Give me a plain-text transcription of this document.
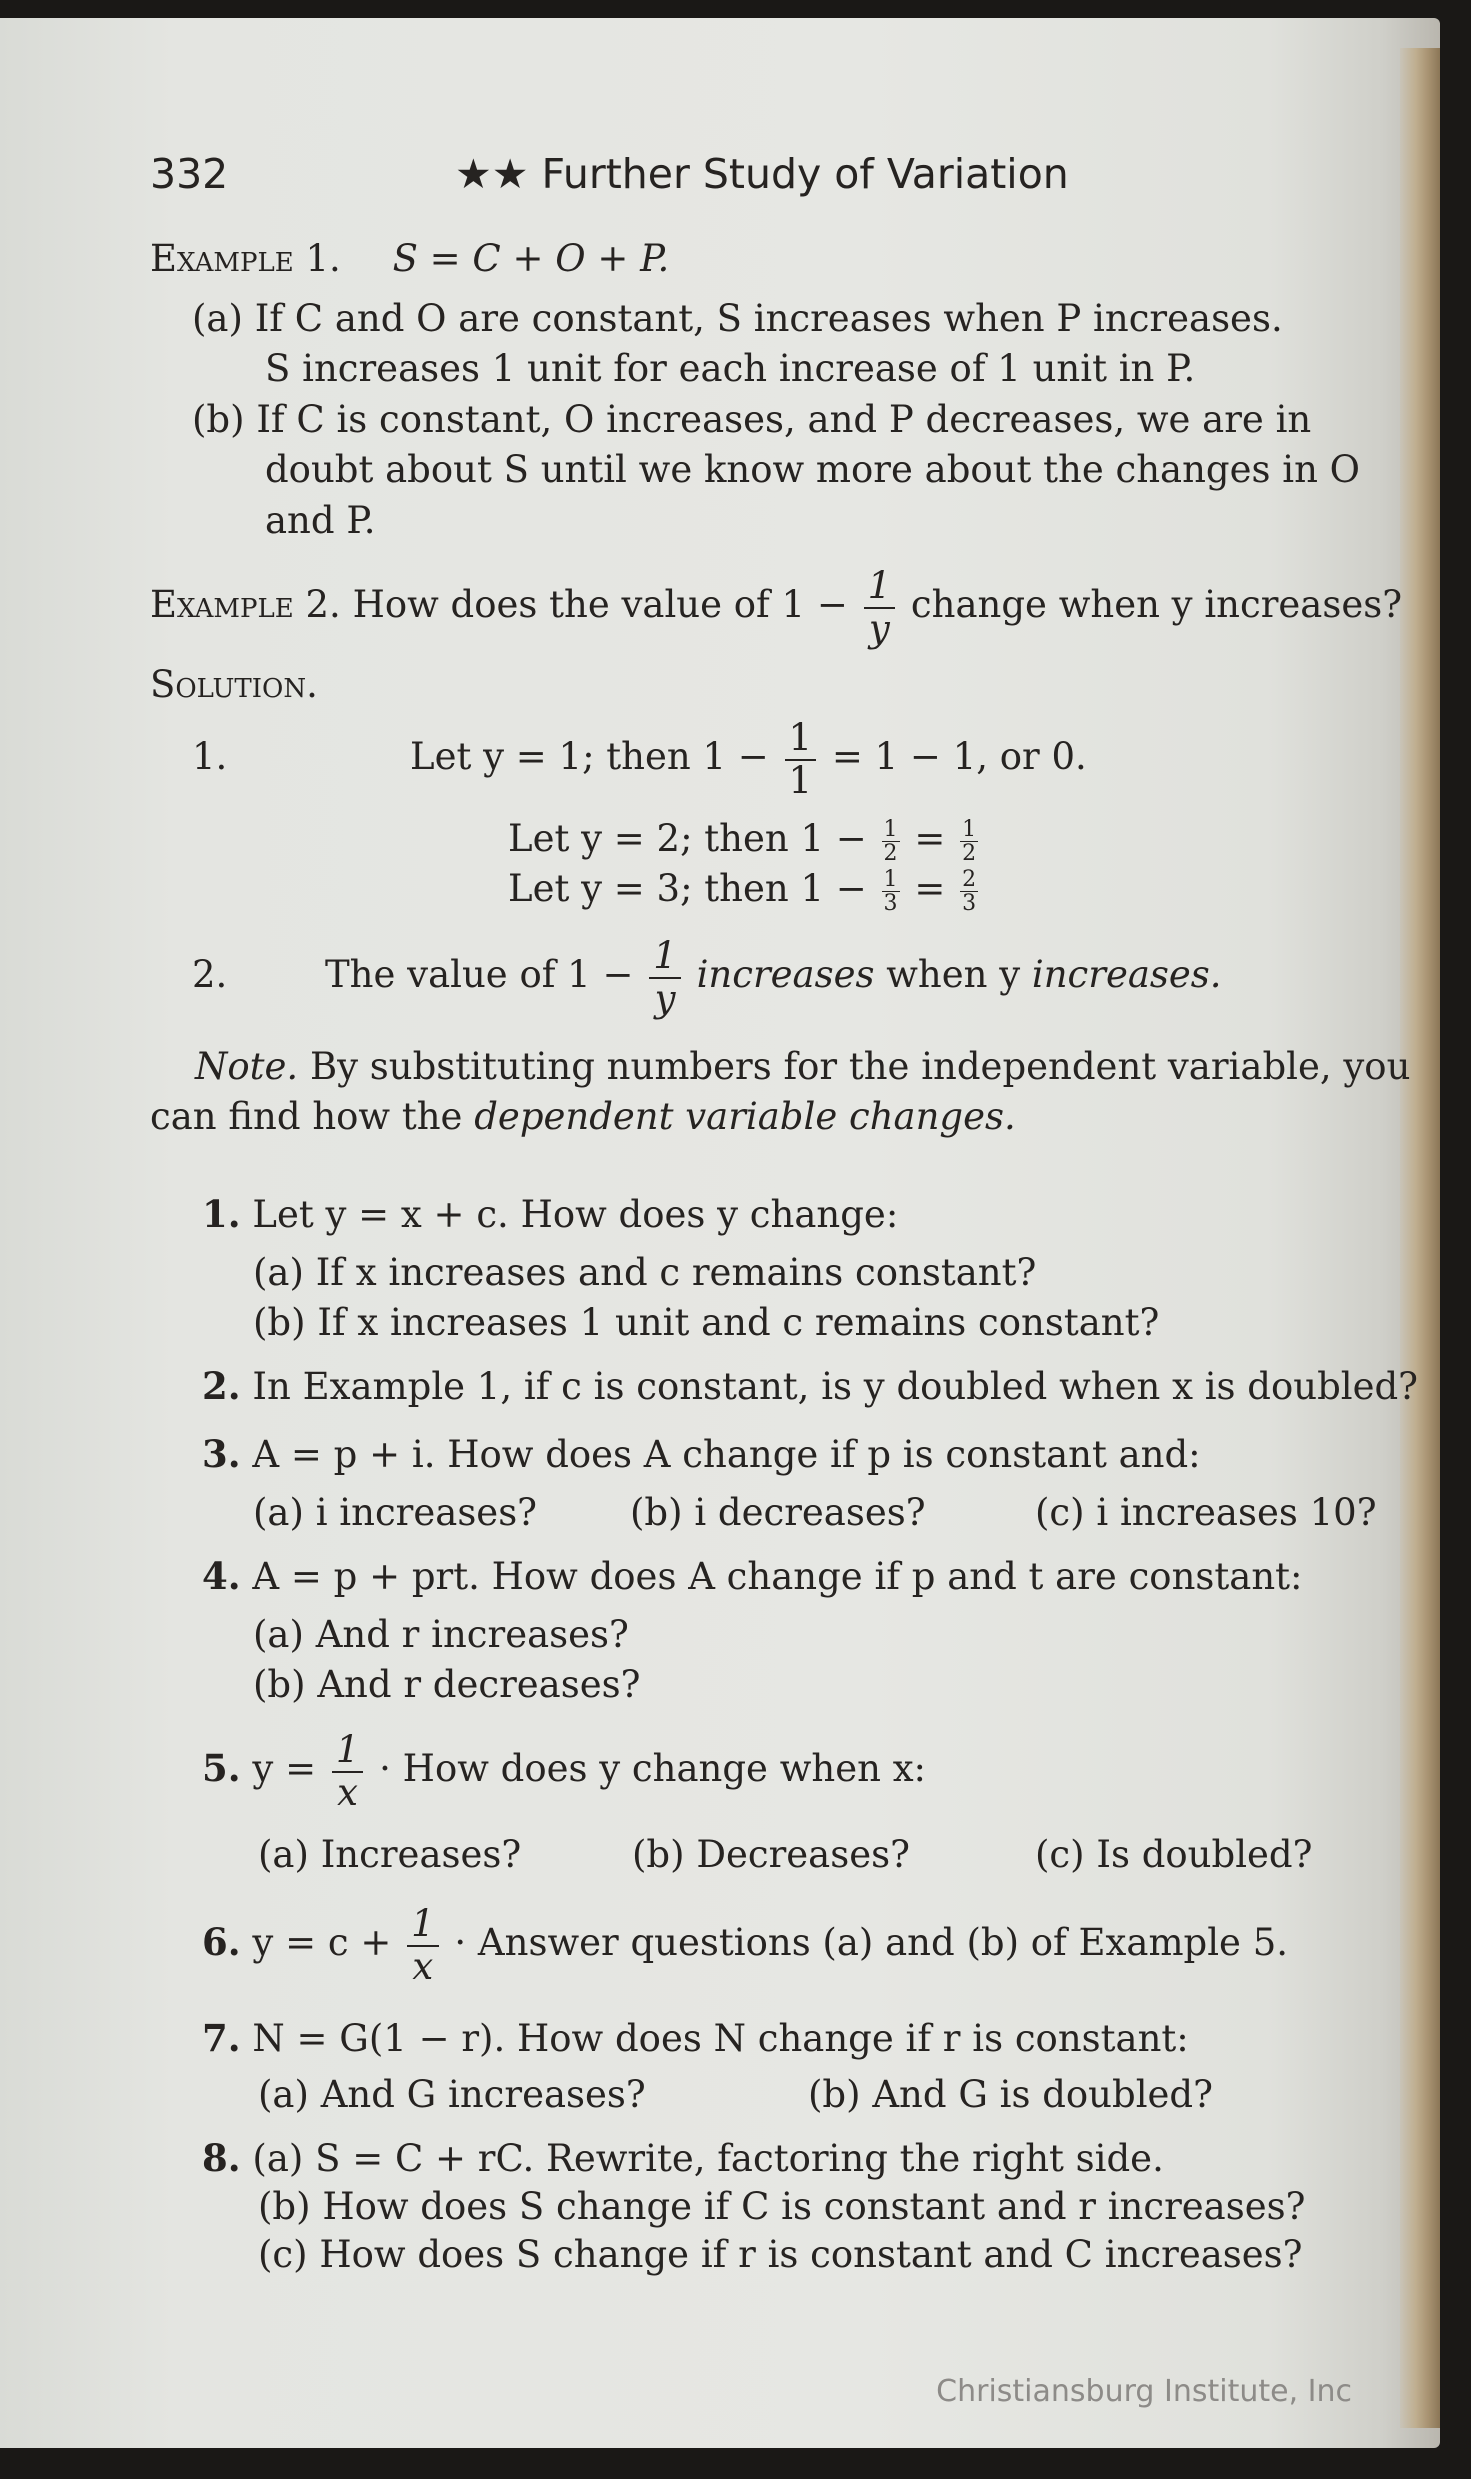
332	★★ Further Study of Variation
Example 1. S = C + O + P.
(a) If C and O are constant, S increases when P increases.
S increases 1 unit for each increase of 1 unit in P.
(b) If C is constant, O increases, and P decreases, we are in
doubt about S until we know more about the changes in O
and P.
Example 2. How does the value of $1 - \frac{1}{y}$ change when y increases?
Solution.
1.	Let y = 1; then $1 - \frac{1}{1} = 1 - 1$, or 0.
Let y = 2; then $1 - \frac{1}{2} = \frac{1}{2}$
Let y = 3; then $1 - \frac{1}{3} = \frac{2}{3}$
2.	The value of $1 - \frac{1}{y}$ increases when y increases.
Note. By substituting numbers for the independent variable, you
can find how the dependent variable changes.
1. Let y = x + c. How does y change:
(a) If x increases and c remains constant?
(b) If x increases 1 unit and c remains constant?
2. In Example 1, if c is constant, is y doubled when x is doubled?
3. A = p + i. How does A change if p is constant and:
(a) i increases?	(b) i decreases?	(c) i increases 10?
4. A = p + prt. How does A change if p and t are constant:
(a) And r increases?
(b) And r decreases?
5. $y = \frac{1}{x}$ · How does y change when x:
(a) Increases?	(b) Decreases?	(c) Is doubled?
6. $y = c + \frac{1}{x}$ · Answer questions (a) and (b) of Example 5.
7. N = G(1 − r). How does N change if r is constant:
(a) And G increases?	(b) And G is doubled?
8. (a) S = C + rC. Rewrite, factoring the right side.
(b) How does S change if C is constant and r increases?
(c) How does S change if r is constant and C increases?
Christiansburg Institute, Inc
